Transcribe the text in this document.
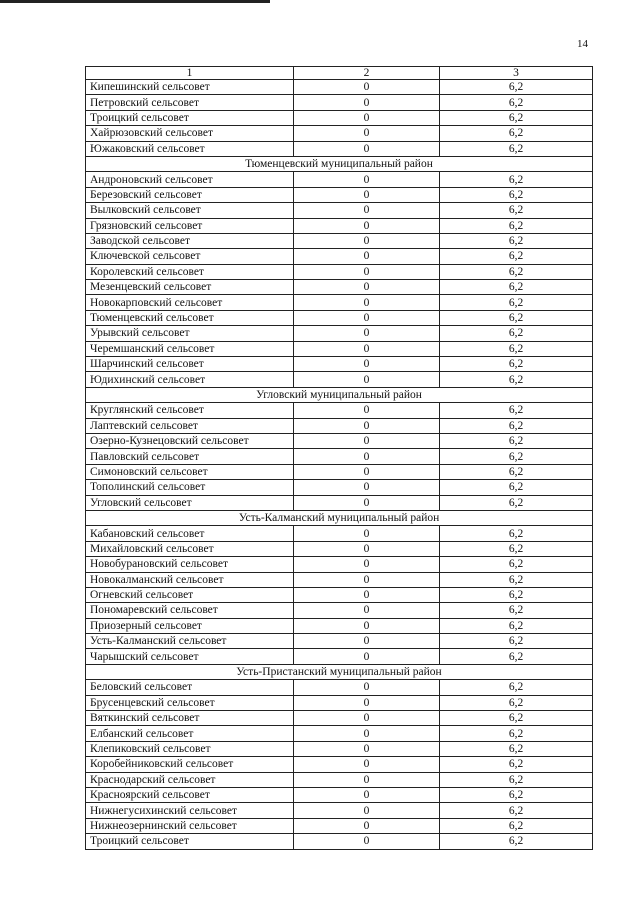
14
1	2	3
Кипешинский сельсовет	0	6,2
Петровский сельсовет	0	6,2
Троицкий сельсовет	0	6,2
Хайрюзовский сельсовет	0	6,2
Южаковский сельсовет	0	6,2
Тюменцевский муниципальный район		
Андроновский сельсовет	0	6,2
Березовский сельсовет	0	6,2
Вылковский сельсовет	0	6,2
Грязновский сельсовет	0	6,2
Заводской сельсовет	0	6,2
Ключевской сельсовет	0	6,2
Королевский сельсовет	0	6,2
Мезенцевский сельсовет	0	6,2
Новокарповский сельсовет	0	6,2
Тюменцевский сельсовет	0	6,2
Урывский сельсовет	0	6,2
Черемшанский сельсовет	0	6,2
Шарчинский сельсовет	0	6,2
Юдихинский сельсовет	0	6,2
Угловский муниципальный район		
Круглянский сельсовет	0	6,2
Лаптевский сельсовет	0	6,2
Озерно-Кузнецовский сельсовет	0	6,2
Павловский сельсовет	0	6,2
Симоновский сельсовет	0	6,2
Тополинский сельсовет	0	6,2
Угловский сельсовет	0	6,2
Усть-Калманский муниципальный район		
Кабановский сельсовет	0	6,2
Михайловский сельсовет	0	6,2
Новобурановский сельсовет	0	6,2
Новокалманский сельсовет	0	6,2
Огневский сельсовет	0	6,2
Пономаревский сельсовет	0	6,2
Приозерный сельсовет	0	6,2
Усть-Калманский сельсовет	0	6,2
Чарышский сельсовет	0	6,2
Усть-Пристанский муниципальный район		
Беловский сельсовет	0	6,2
Брусенцевский сельсовет	0	6,2
Вяткинский сельсовет	0	6,2
Елбанский сельсовет	0	6,2
Клепиковский сельсовет	0	6,2
Коробейниковский сельсовет	0	6,2
Краснодарский сельсовет	0	6,2
Красноярский сельсовет	0	6,2
Нижнегусихинский сельсовет	0	6,2
Нижнеозернинский сельсовет	0	6,2
Троицкий сельсовет	0	6,2
